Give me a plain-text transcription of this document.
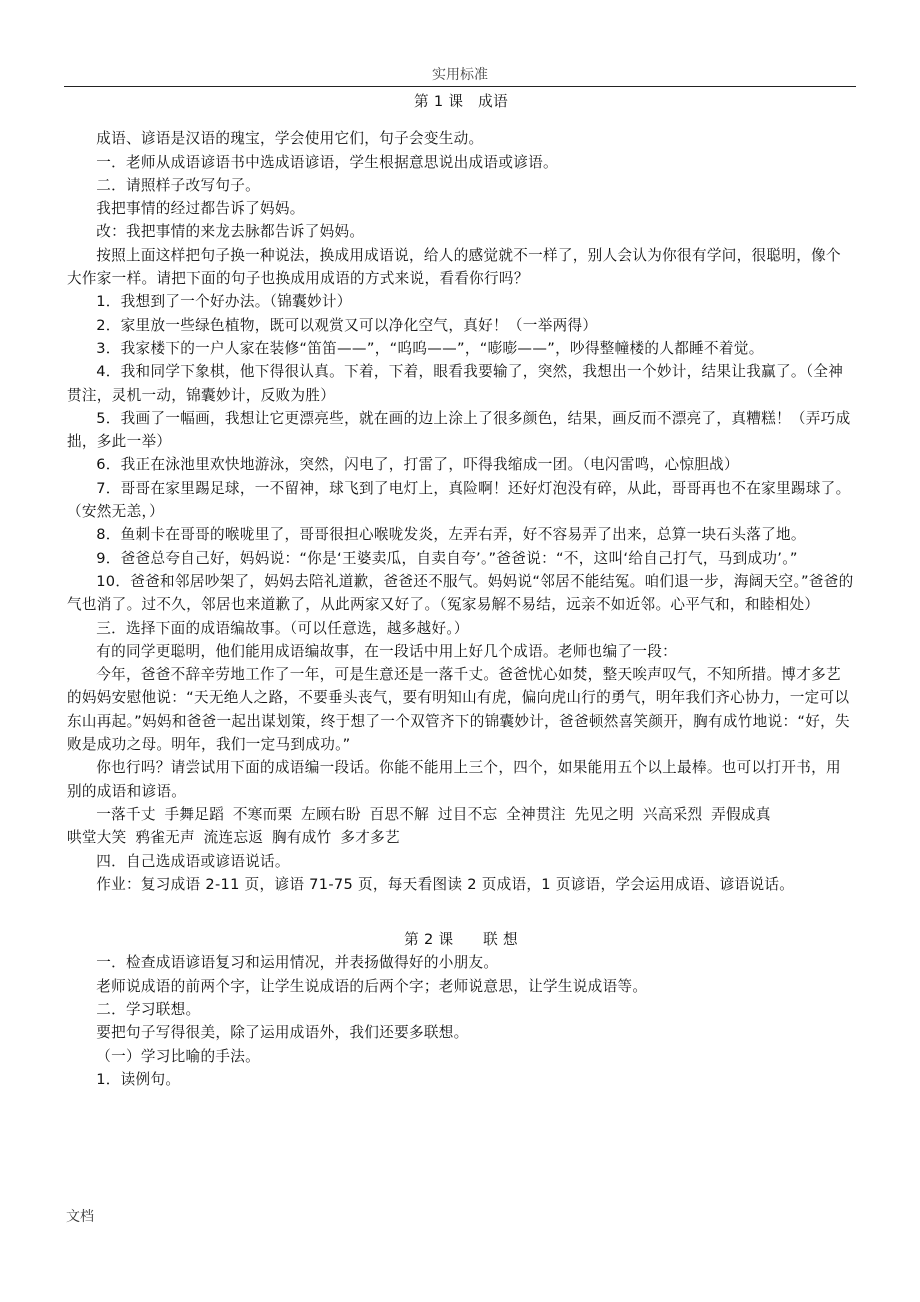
实用标准

第 1 课　成语

成语、谚语是汉语的瑰宝，学会使用它们，句子会变生动。

一．老师从成语谚语书中选成语谚语，学生根据意思说出成语或谚语。

二．请照样子改写句子。

我把事情的经过都告诉了妈妈。

改：我把事情的来龙去脉都告诉了妈妈。

按照上面这样把句子换一种说法，换成用成语说，给人的感觉就不一样了，别人会认为你很有学问，很聪明，像个大作家一样。请把下面的句子也换成用成语的方式来说，看看你行吗？

1．我想到了一个好办法。（锦囊妙计）

2．家里放一些绿色植物，既可以观赏又可以净化空气，真好！（一举两得）

3．我家楼下的一户人家在装修“笛笛——”，“呜呜——”，“嘭嘭——”，吵得整幢楼的人都睡不着觉。

4．我和同学下象棋，他下得很认真。下着，下着，眼看我要输了，突然，我想出一个妙计，结果让我赢了。（全神贯注，灵机一动，锦囊妙计，反败为胜）

5．我画了一幅画，我想让它更漂亮些，就在画的边上涂上了很多颜色，结果，画反而不漂亮了，真糟糕！（弄巧成拙，多此一举）

6．我正在泳池里欢快地游泳，突然，闪电了，打雷了，吓得我缩成一团。（电闪雷鸣，心惊胆战）

7．哥哥在家里踢足球，一不留神，球飞到了电灯上，真险啊！还好灯泡没有碎，从此，哥哥再也不在家里踢球了。（安然无恙，）

8．鱼刺卡在哥哥的喉咙里了，哥哥很担心喉咙发炎，左弄右弄，好不容易弄了出来，总算一块石头落了地。

9．爸爸总夸自己好，妈妈说：“你是‘王婆卖瓜，自卖自夸’。”爸爸说：“不，这叫‘给自己打气，马到成功’。”

10．爸爸和邻居吵架了，妈妈去陪礼道歉，爸爸还不服气。妈妈说“邻居不能结冤。咱们退一步，海阔天空。”爸爸的气也消了。过不久，邻居也来道歉了，从此两家又好了。（冤家易解不易结，远亲不如近邻。心平气和，和睦相处）

三．选择下面的成语编故事。（可以任意选，越多越好。）

有的同学更聪明，他们能用成语编故事，在一段话中用上好几个成语。老师也编了一段：

今年，爸爸不辞辛劳地工作了一年，可是生意还是一落千丈。爸爸忧心如焚，整天唉声叹气，不知所措。博才多艺的妈妈安慰他说：“天无绝人之路，不要垂头丧气，要有明知山有虎，偏向虎山行的勇气，明年我们齐心协力，一定可以东山再起。”妈妈和爸爸一起出谋划策，终于想了一个双管齐下的锦囊妙计，爸爸顿然喜笑颜开，胸有成竹地说：“好，失败是成功之母。明年，我们一定马到成功。”

你也行吗？请尝试用下面的成语编一段话。你能不能用上三个，四个，如果能用五个以上最棒。也可以打开书，用别的成语和谚语。

一落千丈 手舞足蹈 不寒而栗 左顾右盼 百思不解 过目不忘 全神贯注 先见之明 兴高采烈 弄假成真

哄堂大笑 鸦雀无声 流连忘返 胸有成竹 多才多艺

四．自己选成语或谚语说话。

作业：复习成语 2-11 页，谚语 71-75 页，每天看图读 2 页成语，1 页谚语，学会运用成语、谚语说话。

第 2 课　　联 想

一．检查成语谚语复习和运用情况，并表扬做得好的小朋友。

老师说成语的前两个字，让学生说成语的后两个字；老师说意思，让学生说成语等。

二．学习联想。

要把句子写得很美，除了运用成语外，我们还要多联想。

（一）学习比喻的手法。

1．读例句。

文档
